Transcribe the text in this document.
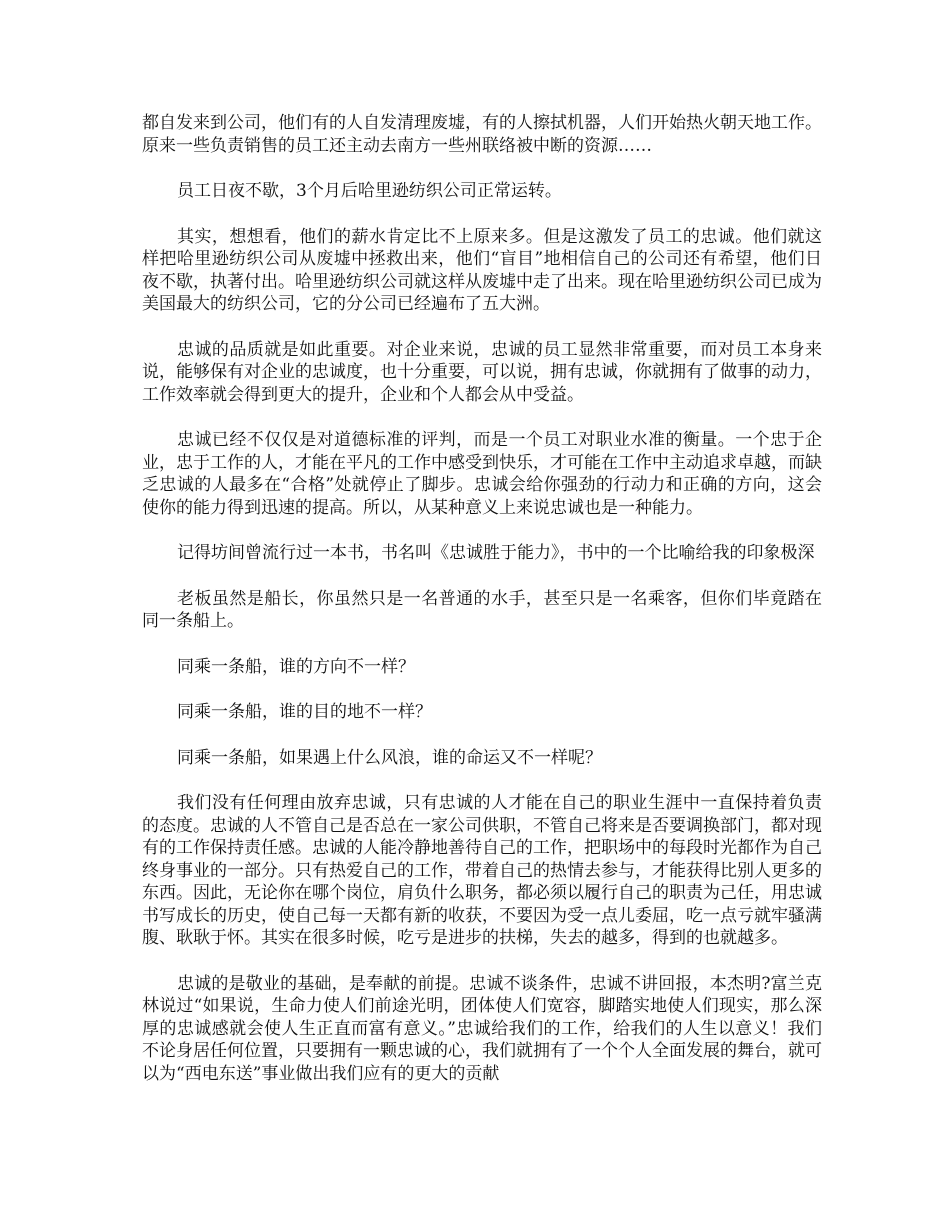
都自发来到公司，他们有的人自发清理废墟，有的人擦拭机器，人们开始热火朝天地工作。原来一些负责销售的员工还主动去南方一些州联络被中断的资源……

员工日夜不歇，3个月后哈里逊纺织公司正常运转。

其实，想想看，他们的薪水肯定比不上原来多。但是这激发了员工的忠诚。他们就这样把哈里逊纺织公司从废墟中拯救出来，他们“盲目”地相信自己的公司还有希望，他们日夜不歇，执著付出。哈里逊纺织公司就这样从废墟中走了出来。现在哈里逊纺织公司已成为美国最大的纺织公司，它的分公司已经遍布了五大洲。

忠诚的品质就是如此重要。对企业来说，忠诚的员工显然非常重要，而对员工本身来说，能够保有对企业的忠诚度，也十分重要，可以说，拥有忠诚，你就拥有了做事的动力，工作效率就会得到更大的提升，企业和个人都会从中受益。

忠诚已经不仅仅是对道德标准的评判，而是一个员工对职业水准的衡量。一个忠于企业，忠于工作的人，才能在平凡的工作中感受到快乐，才可能在工作中主动追求卓越，而缺乏忠诚的人最多在“合格”处就停止了脚步。忠诚会给你强劲的行动力和正确的方向，这会使你的能力得到迅速的提高。所以，从某种意义上来说忠诚也是一种能力。

记得坊间曾流行过一本书，书名叫《忠诚胜于能力》，书中的一个比喻给我的印象极深

老板虽然是船长，你虽然只是一名普通的水手，甚至只是一名乘客，但你们毕竟踏在同一条船上。

同乘一条船，谁的方向不一样？

同乘一条船，谁的目的地不一样？

同乘一条船，如果遇上什么风浪，谁的命运又不一样呢？

我们没有任何理由放弃忠诚，只有忠诚的人才能在自己的职业生涯中一直保持着负责的态度。忠诚的人不管自己是否总在一家公司供职，不管自己将来是否要调换部门，都对现有的工作保持责任感。忠诚的人能冷静地善待自己的工作，把职场中的每段时光都作为自己终身事业的一部分。只有热爱自己的工作，带着自己的热情去参与，才能获得比别人更多的东西。因此，无论你在哪个岗位，肩负什么职务，都必须以履行自己的职责为己任，用忠诚书写成长的历史，使自己每一天都有新的收获，不要因为受一点儿委屈，吃一点亏就牢骚满腹、耿耿于怀。其实在很多时候，吃亏是进步的扶梯，失去的越多，得到的也就越多。

忠诚的是敬业的基础，是奉献的前提。忠诚不谈条件，忠诚不讲回报，本杰明?富兰克林说过“如果说，生命力使人们前途光明，团体使人们宽容，脚踏实地使人们现实，那么深厚的忠诚感就会使人生正直而富有意义。”忠诚给我们的工作，给我们的人生以意义！我们不论身居任何位置，只要拥有一颗忠诚的心，我们就拥有了一个个人全面发展的舞台，就可以为“西电东送”事业做出我们应有的更大的贡献
